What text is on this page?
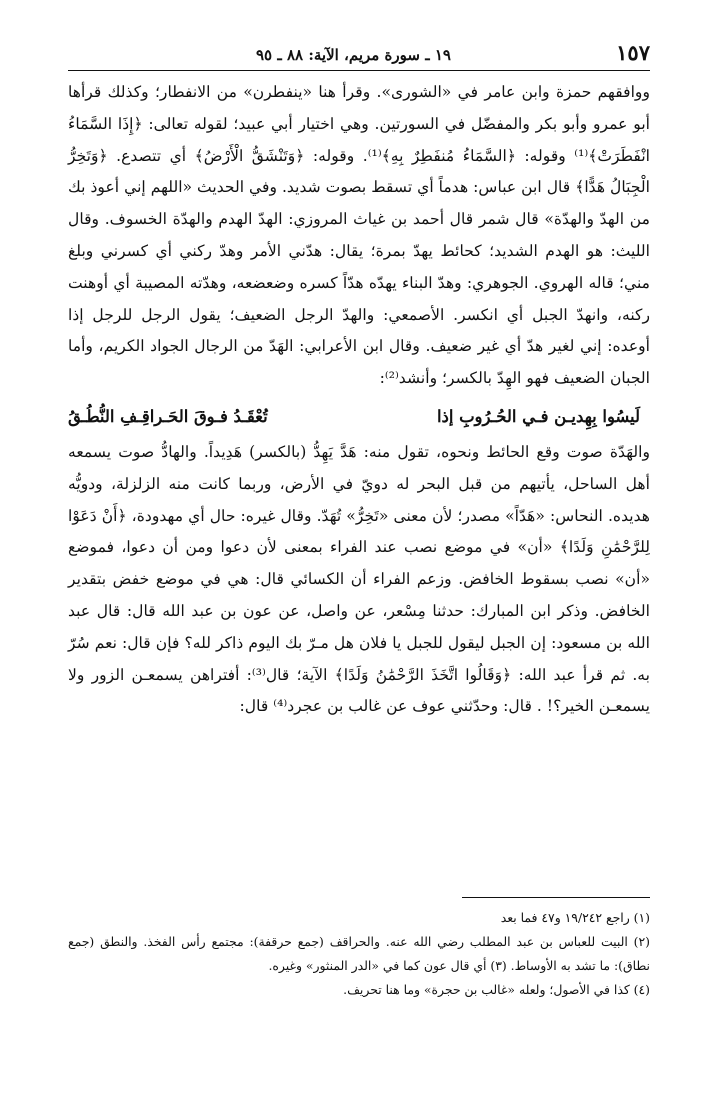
١٥٧
١٩ ـ سورة مريم، الآية: ٨٨ ـ ٩٥

ووافقهم حمزة وابن عامر في «الشورى». وقرأ هنا «ينفطرن» من الانفطار؛ وكذلك قرأها أبو عمرو وأبو بكر والمفضّل في السورتين. وهي اختيار أبي عبيد؛ لقوله تعالى: ﴿إِذَا السَّمَاءُ انْفَطَرَتْ﴾⁽¹⁾ وقوله: ﴿السَّمَاءُ مُنفَطِرٌ بِهِ﴾⁽¹⁾. وقوله: ﴿وَتَنْشَقُّ الْأَرْضُ﴾ أي تتصدع. ﴿وَتَخِرُّ الْجِبَالُ هَدًّا﴾ قال ابن عباس: هدماً أي تسقط بصوت شديد. وفي الحديث «اللهم إني أعوذ بك من الهدّ والهدّة» قال شمر قال أحمد بن غياث المروزي: الهدّ الهدم والهدّة الخسوف. وقال الليث: هو الهدم الشديد؛ كحائط يهدّ بمرة؛ يقال: هدّني الأمر وهدّ ركني أي كسرني وبلغ مني؛ قاله الهروي. الجوهري: وهدّ البناء يهدّه هدّاً كسره وضعضعه، وهدّته المصيبة أي أوهنت ركنه، وانهدّ الجبل أي انكسر. الأصمعي: والهدّ الرجل الضعيف؛ يقول الرجل للرجل إذا أوعده: إني لغير هدّ أي غير ضعيف. وقال ابن الأعرابي: الهَدّ من الرجال الجواد الكريم، وأما الجبان الضعيف فهو الهِدّ بالكسر؛ وأنشد⁽²⁾:

لَيسُوا بِهِديـن فـي الحُـرُوبِ إذا
تُعْقَـدُ فـوقَ الحَـراقِـفِ النُّطُـقُ

والهَدّة صوت وقع الحائط ونحوه، تقول منه: هَدَّ يَهِدُّ (بالكسر) هَدِيداً. والهادُّ صوت يسمعه أهل الساحل، يأتيهم من قبل البحر له دويّ في الأرض، وربما كانت منه الزلزلة، ودويُّه هديده. النحاس: «هَدّاً» مصدر؛ لأن معنى «تَخِرُّ» تُهَدّ. وقال غيره: حال أي مهدودة، ﴿أَنْ دَعَوْا لِلرَّحْمَٰنِ وَلَدًا﴾ «أن» في موضع نصب عند الفراء بمعنى لأن دعوا ومن أن دعوا، فموضع «أن» نصب بسقوط الخافض. وزعم الفراء أن الكسائي قال: هي في موضع خفض بتقدير الخافض. وذكر ابن المبارك: حدثنا مِسْعر، عن واصل، عن عون بن عبد الله قال: قال عبد الله بن مسعود: إن الجبل ليقول للجبل يا فلان هل مـرّ بك اليوم ذاكر لله؟ فإن قال: نعم سُرّ به. ثم قرأ عبد الله: ﴿وَقَالُوا اتَّخَذَ الرَّحْمَٰنُ وَلَدًا﴾ الآية؛ قال⁽³⁾: أفتراهن يسمعـن الزور ولا يسمعـن الخير؟! . قال: وحدّثني عوف عن غالب بن عجرد⁽⁴⁾ قال:

(١) راجع ١٩/٢٤٢ و٤٧ فما بعد

(٢) البيت للعباس بن عبد المطلب رضي الله عنه. والحراقف (جمع حرقفة): مجتمع رأس الفخذ. والنطق (جمع نطاق): ما تشد به الأوساط. (٣) أي قال عون كما في «الدر المنثور» وغيره.

(٤) كذا في الأصول؛ ولعله «غالب بن حجرة» وما هنا تحريف.
